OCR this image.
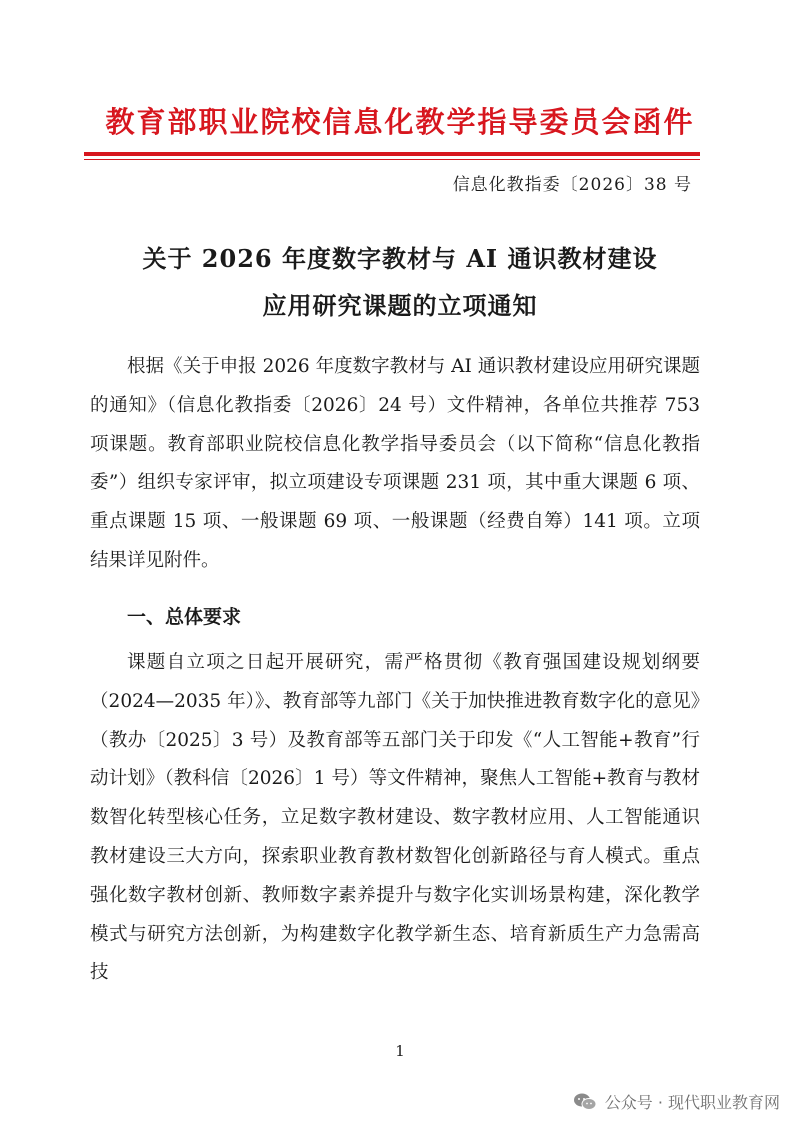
教育部职业院校信息化教学指导委员会函件
信息化教指委〔2026〕38 号
关于 2026 年度数字教材与 AI 通识教材建设
应用研究课题的立项通知

根据《关于申报 2026 年度数字教材与 AI 通识教材建设应用研究课题的通知》（信息化教指委〔2026〕24 号）文件精神，各单位共推荐 753 项课题。教育部职业院校信息化教学指导委员会（以下简称“信息化教指委”）组织专家评审，拟立项建设专项课题 231 项，其中重大课题 6 项、重点课题 15 项、一般课题 69 项、一般课题（经费自筹）141 项。立项结果详见附件。

一、总体要求

课题自立项之日起开展研究，需严格贯彻《教育强国建设规划纲要（2024—2035 年）》、教育部等九部门《关于加快推进教育数字化的意见》（教办〔2025〕3 号）及教育部等五部门关于印发《“人工智能+教育”行动计划》（教科信〔2026〕1 号）等文件精神，聚焦人工智能+教育与教材数智化转型核心任务，立足数字教材建设、数字教材应用、人工智能通识教材建设三大方向，探索职业教育教材数智化创新路径与育人模式。重点强化数字教材创新、教师数字素养提升与数字化实训场景构建，深化教学模式与研究方法创新，为构建数字化教学新生态、培育新质生产力急需高技

1
公众号 · 现代职业教育网
